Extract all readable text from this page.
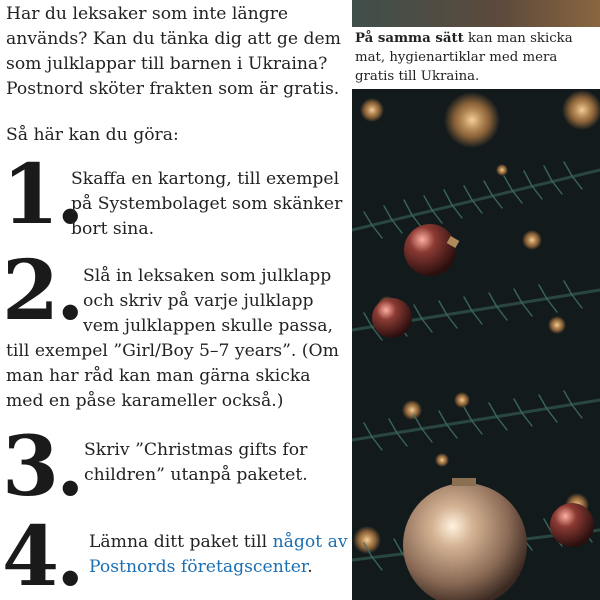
Har du leksaker som inte längre används? Kan du tänka dig att ge dem som julklappar till barnen i Ukraina? Postnord sköter frakten som är gratis.

Så här kan du göra:

1.
Skaffa en kartong, till exempel
på Systembolaget som skänker
bort sina.
2. Slå in leksaken som julklapp
och skriv på varje julklapp
vem julklappen skulle passa,
till exempel ”Girl/Boy 5–7 years”. (Om
man har råd kan man gärna skicka
med en påse karameller också.)
3. Skriv ”Christmas gifts for
children” utanpå paketet.
4. Lämna ditt paket till något av
Postnords företagscenter.

På samma sätt kan man skicka mat, hygienartiklar med mera gratis till Ukraina.
